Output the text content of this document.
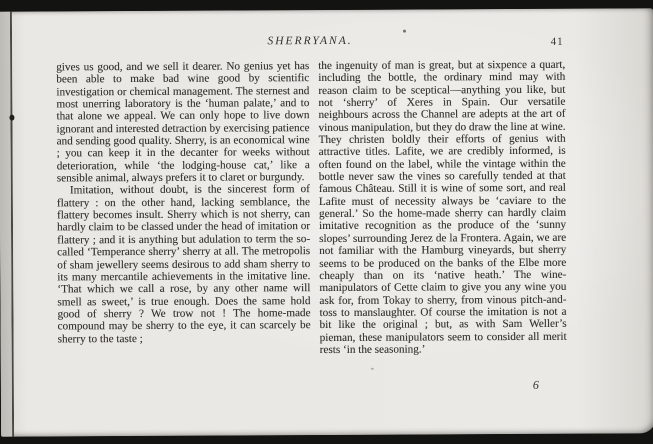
SHERRYANA.	41

gives us good, and we sell it dearer. No genius yet has been able to make bad wine good by scientific investigation or chemical management. The sternest and most unerring laboratory is the ‘human palate,’ and to that alone we appeal. We can only hope to live down ignorant and interested detraction by exercising patience and sending good quality. Sherry, is an economical wine ; you can keep it in the decanter for weeks without deterioration, while ‘the lodging-house cat,’ like a sensible animal, always prefers it to claret or burgundy.

Imitation, without doubt, is the sincerest form of flattery : on the other hand, lacking semblance, the flattery becomes insult. Sherry which is not sherry, can hardly claim to be classed under the head of imitation or flattery ; and it is anything but adulation to term the so-called ‘Temperance sherry’ sherry at all. The metropolis of sham jewellery seems desirous to add sham sherry to its many mercantile achievements in the imitative line. ‘That which we call a rose, by any other name will smell as sweet,’ is true enough. Does the same hold good of sherry ? We trow not ! The home-made compound may be sherry to the eye, it can scarcely be sherry to the taste ;

the ingenuity of man is great, but at sixpence a quart, including the bottle, the ordinary mind may with reason claim to be sceptical—anything you like, but not ‘sherry’ of Xeres in Spain. Our versatile neighbours across the Channel are adepts at the art of vinous manipulation, but they do draw the line at wine. They christen boldly their efforts of genius with attractive titles. Lafite, we are credibly informed, is often found on the label, while the vintage within the bottle never saw the vines so carefully tended at that famous Château. Still it is wine of some sort, and real Lafite must of necessity always be ‘caviare to the general.’ So the home-made sherry can hardly claim imitative recognition as the produce of the ‘sunny slopes’ surrounding Jerez de la Frontera. Again, we are not familiar with the Hamburg vineyards, but sherry seems to be produced on the banks of the Elbe more cheaply than on its ‘native heath.’ The wine-manipulators of Cette claim to give you any wine you ask for, from Tokay to sherry, from vinous pitch-and-toss to manslaughter. Of course the imitation is not a bit like the original ; but, as with Sam Weller’s pieman, these manipulators seem to consider all merit rests ‘in the seasoning.’

6
